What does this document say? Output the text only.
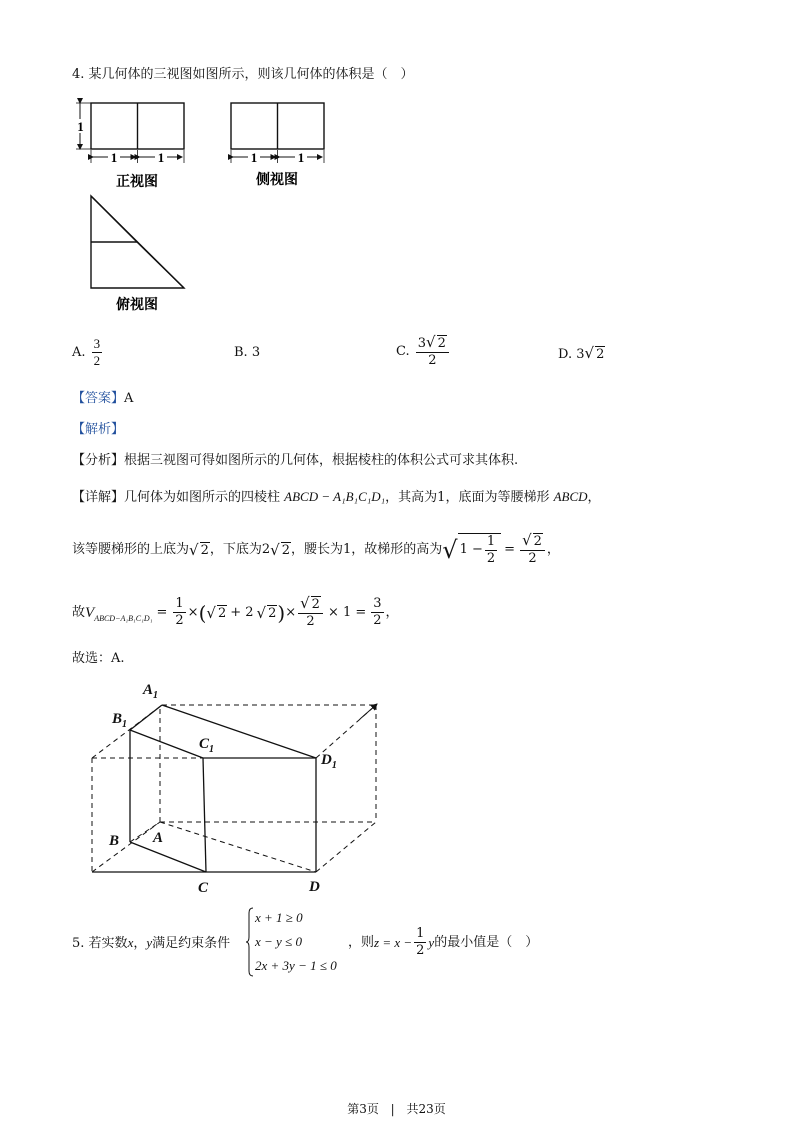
4. 某几何体的三视图如图所示，则该几何体的体积是（　）
1
1	1
正视图
1	1
侧视图
俯视图
A. $\frac{3}{2}$	B. 3	C. $\frac{3√ 2}{2}$	D. 3√ 2
【答案】A
【解析】
【分析】根据三视图可得如图所示的几何体，根据棱柱的体积公式可求其体积.
【详解】几何体为如图所示的四棱柱 ABCD − A₁B₁C₁D₁，其高为1，底面为等腰梯形 ABCD，
该等腰梯形的上底为 √ 2 ，下底为 2 √ 2 ，腰长为1，故梯形的高为 √ $1 - \frac{1}{2} = \frac{√ 2}{2}$ ，
故 V ABCD−A₁B₁C₁D₁ = $\frac{1}{2}$ × ( √ 2 + 2 √ 2 ) × $\frac{√ 2}{2} \times 1 = \frac{3}{2}$ ，
故选：A.
$A_1$
$B_1$
$C_1$
$D_1$
A
B
C	D
5. 若实数x，y满足约束条件
x + 1 ≥ 0
x − y ≤ 0
2x + 3y − 1 ≤ 0
，则 $z = x - \frac{1}{2}$ y 的最小值是（　）
第3页 | 共23页
